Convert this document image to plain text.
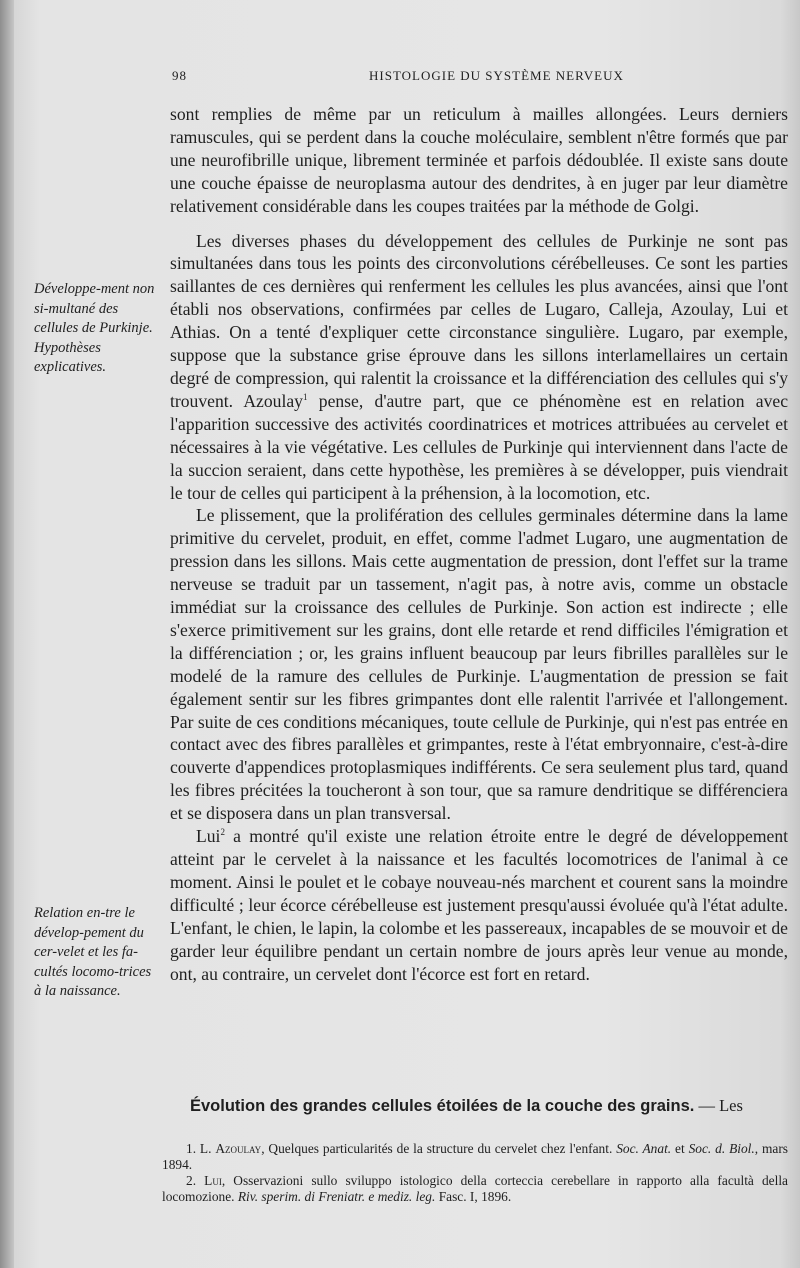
98	HISTOLOGIE DU SYSTÈME NERVEUX
Développe-ment non si-multané des cellules de Purkinje. Hypothèses explicatives.
Relation en-tre le dévelop-pement du cer-velet et les fa-cultés locomo-trices à la naissance.

sont remplies de même par un reticulum à mailles allongées. Leurs derniers ramuscules, qui se perdent dans la couche moléculaire, semblent n'être formés que par une neurofibrille unique, librement terminée et parfois dédoublée. Il existe sans doute une couche épaisse de neuroplasma autour des dendrites, à en juger par leur diamètre relativement considérable dans les coupes traitées par la méthode de Golgi.

Les diverses phases du développement des cellules de Purkinje ne sont pas simultanées dans tous les points des circonvolutions cérébelleuses. Ce sont les parties saillantes de ces dernières qui renferment les cellules les plus avancées, ainsi que l'ont établi nos observations, confirmées par celles de Lugaro, Calleja, Azoulay, Lui et Athias. On a tenté d'expliquer cette circonstance singulière. Lugaro, par exemple, suppose que la substance grise éprouve dans les sillons interlamellaires un certain degré de compression, qui ralentit la croissance et la différenciation des cellules qui s'y trouvent. Azoulay$^1$ pense, d'autre part, que ce phénomène est en relation avec l'apparition successive des activités coordinatrices et motrices attribuées au cervelet et nécessaires à la vie végétative. Les cellules de Purkinje qui interviennent dans l'acte de la succion seraient, dans cette hypothèse, les premières à se développer, puis viendrait le tour de celles qui participent à la préhension, à la locomotion, etc.

Le plissement, que la prolifération des cellules germinales détermine dans la lame primitive du cervelet, produit, en effet, comme l'admet Lugaro, une augmentation de pression dans les sillons. Mais cette augmentation de pression, dont l'effet sur la trame nerveuse se traduit par un tassement, n'agit pas, à notre avis, comme un obstacle immédiat sur la croissance des cellules de Purkinje. Son action est indirecte ; elle s'exerce primitivement sur les grains, dont elle retarde et rend difficiles l'émigration et la différenciation ; or, les grains influent beaucoup par leurs fibrilles parallèles sur le modelé de la ramure des cellules de Purkinje. L'augmentation de pression se fait également sentir sur les fibres grimpantes dont elle ralentit l'arrivée et l'allongement. Par suite de ces conditions mécaniques, toute cellule de Purkinje, qui n'est pas entrée en contact avec des fibres parallèles et grimpantes, reste à l'état embryonnaire, c'est-à-dire couverte d'appendices protoplasmiques indifférents. Ce sera seulement plus tard, quand les fibres précitées la toucheront à son tour, que sa ramure dendritique se différenciera et se disposera dans un plan transversal.

Lui$^2$ a montré qu'il existe une relation étroite entre le degré de développement atteint par le cervelet à la naissance et les facultés locomotrices de l'animal à ce moment. Ainsi le poulet et le cobaye nouveau-nés marchent et courent sans la moindre difficulté ; leur écorce cérébelleuse est justement presqu'aussi évoluée qu'à l'état adulte. L'enfant, le chien, le lapin, la colombe et les passereaux, incapables de se mouvoir et de garder leur équilibre pendant un certain nombre de jours après leur venue au monde, ont, au contraire, un cervelet dont l'écorce est fort en retard.

Évolution des grandes cellules étoilées de la couche des grains. — Les

1. L. Azoulay, Quelques particularités de la structure du cervelet chez l'enfant. Soc. Anat. et Soc. d. Biol., mars 1894.

2. Lui, Osservazioni sullo sviluppo istologico della corteccia cerebellare in rapporto alla facultà della locomozione. Riv. sperim. di Freniatr. e mediz. leg. Fasc. I, 1896.
